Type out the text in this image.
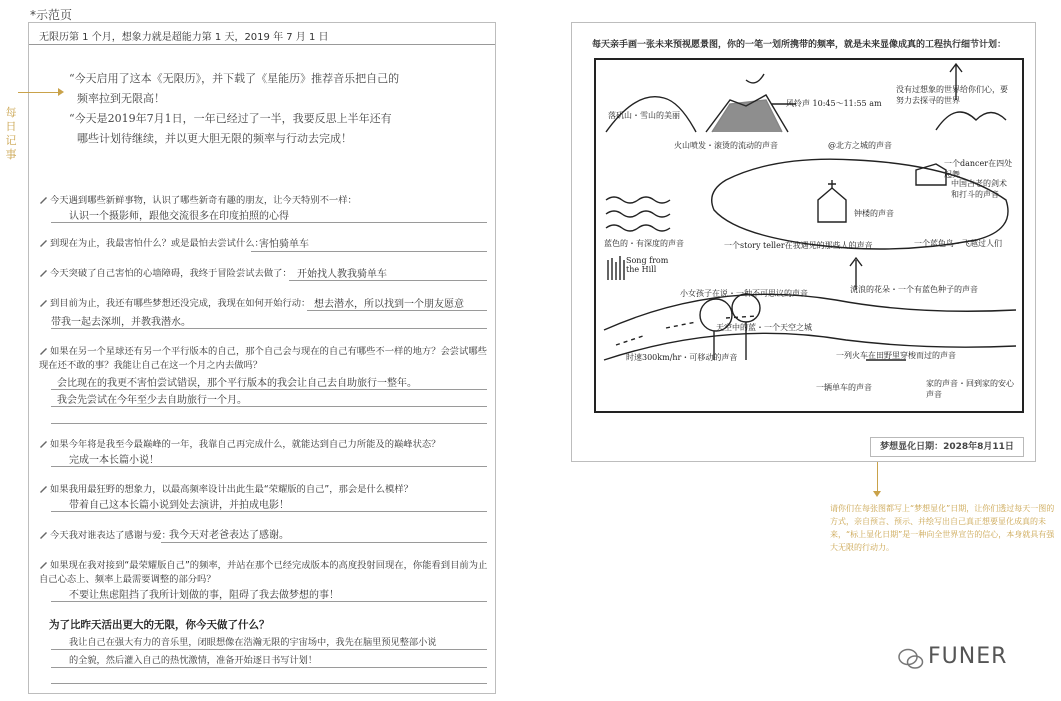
*示范页
无限历第 1 个月，想象力就是超能力第 1 天，2019 年 7 月 1 日
“今天启用了这本《无限历》，并下载了《星能历》推荐音乐把自己的
频率拉到无限高！
“今天是2019年7月1日，一年已经过了一半，我要反思上半年还有
哪些计划待继续，并以更大胆无限的频率与行动去完成！
今天遇到哪些新鲜事物，认识了哪些新奇有趣的朋友，让今天特别不一样：
认识一个摄影师，跟他交流很多在印度拍照的心得
到现在为止，我最害怕什么？或是最怕去尝试什么：
害怕骑单车
今天突破了自己害怕的心墙障碍，我终于冒险尝试去做了： 开始找人教我骑单车
到目前为止，我还有哪些梦想还没完成，我现在如何开始行动： 想去潜水，所以找到一个朋友愿意
带我一起去深圳，并教我潜水。
如果在另一个星球还有另一个平行版本的自己，那个自己会与现在的自己有哪些不一样的地方？会尝试哪些现在还不敢的事？我能让自己在这一个月之内去做吗？
会比现在的我更不害怕尝试错误，那个平行版本的我会让自己去自助旅行一整年。
我会先尝试在今年至少去自助旅行一个月。
如果今年将是我至今最巅峰的一年，我靠自己再完成什么，就能达到自己力所能及的巅峰状态？
完成一本长篇小说！
如果我用最狂野的想象力，以最高频率设计出此生最“荣耀版的自己”，那会是什么模样？
带着自己这本长篇小说到处去演讲，并拍成电影！
今天我对谁表达了感谢与爱：
我今天对老爸表达了感谢。
如果现在我对接到“最荣耀版自己”的频率，并站在那个已经完成版本的高度投射回现在，你能看到目前为止自己心态上、频率上最需要调整的部分吗？
不要让焦虑阻挡了我所计划做的事，阻碍了我去做梦想的事！
为了比昨天活出更大的无限，你今天做了什么？
我让自己在强大有力的音乐里，闭眼想像在浩瀚无限的宇宙场中，我先在脑里预见整部小说
的全貌，然后灌入自己的热忱激情，准备开始逐日书写计划！
每日记事
每天亲手画一张未来预视愿景图，你的一笔一划所携带的频率，就是未来显像成真的工程执行细节计划：
落矶山・雪山的美丽
火山喷发・滚烫的流动的声音
风铃声 10:45〜11:55 am
@北方之城的声音
没有过想象的世界给你们心，要努力去探寻的世界
一个dancer在四处起舞
钟楼的声音
中国古老的剑术和打斗的声音
一个story teller在我遇见的那些人的声音
蓝色的・有深度的声音
Song from the Hill
小女孩子在说・一种不可思议的声音	流浪的花朵・一个有蓝色种子的声音
一个蓝色鸟・飞越过人们
时速300km/hr・可移动的声音	一列火车在田野里穿梭而过的声音
天空中的蓝・一个天空之城
一辆单车的声音	家的声音・回到家的安心声音
梦想显化日期：2028年8月11日
请你们在每张图都写上“梦想显化”日期，让你们透过每天一图的方式，亲自预言、预示、并绘写出自己真正想要显化成真的未来，“标上显化日期”是一种向全世界宣告的信心，本身就具有强大无限的行动力。
FUNER
